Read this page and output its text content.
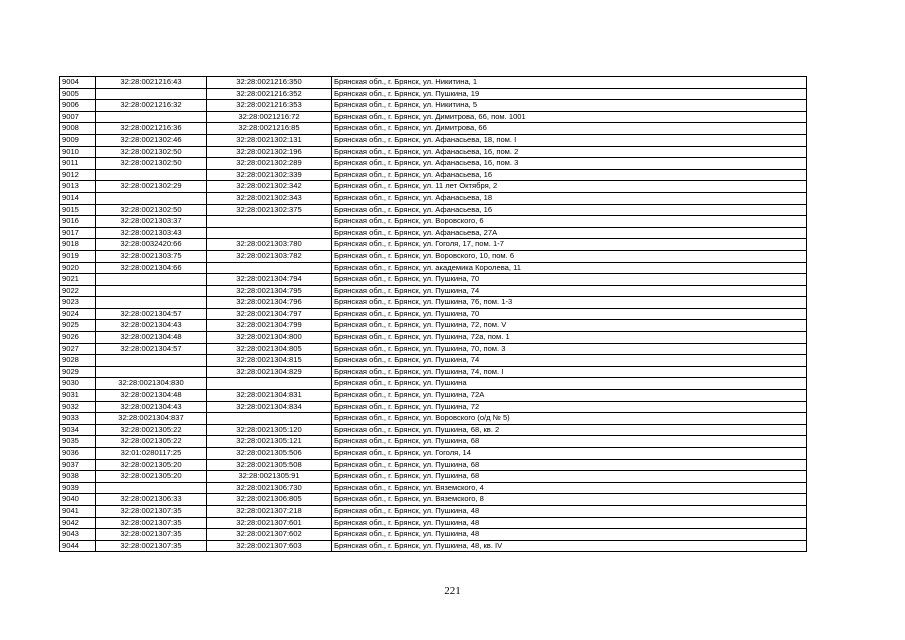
9004	32:28:0021216:43	32:28:0021216:350	Брянская обл., г. Брянск, ул. Никитина, 1
9005		32:28:0021216:352	Брянская обл., г. Брянск, ул. Пушкина, 19
9006	32:28:0021216:32	32:28:0021216:353	Брянская обл., г. Брянск, ул. Никитина, 5
9007		32:28:0021216:72	Брянская обл., г. Брянск, ул. Димитрова, 66, пом. 1001
9008	32:28:0021216:36	32:28:0021216:85	Брянская обл., г. Брянск, ул. Димитрова, 66
9009	32:28:0021302:46	32:28:0021302:131	Брянская обл., г. Брянск, ул. Афанасьева, 18, пом. I
9010	32:28:0021302:50	32:28:0021302:196	Брянская обл., г. Брянск, ул. Афанасьева, 16, пом. 2
9011	32:28:0021302:50	32:28:0021302:289	Брянская обл., г. Брянск, ул. Афанасьева, 16, пом. 3
9012		32:28:0021302:339	Брянская обл., г. Брянск, ул. Афанасьева, 16
9013	32:28:0021302:29	32:28:0021302:342	Брянская обл., г. Брянск, ул. 11 лет Октября, 2
9014		32:28:0021302:343	Брянская обл., г. Брянск, ул. Афанасьева, 18
9015	32:28:0021302:50	32:28:0021302:375	Брянская обл., г. Брянск, ул. Афанасьева, 16
9016	32:28:0021303:37		Брянская обл., г. Брянск, ул. Воровского, 6
9017	32:28:0021303:43		Брянская обл., г. Брянск, ул. Афанасьева, 27А
9018	32:28:0032420:66	32:28:0021303:780	Брянская обл., г. Брянск, ул. Гоголя, 17, пом. 1-7
9019	32:28:0021303:75	32:28:0021303:782	Брянская обл., г. Брянск, ул. Воровского, 10, пом. 6
9020	32:28:0021304:66		Брянская обл., г. Брянск, ул. академика Королева, 11
9021		32:28:0021304:794	Брянская обл., г. Брянск, ул. Пушкина, 70
9022		32:28:0021304:795	Брянская обл., г. Брянск, ул. Пушкина, 74
9023		32:28:0021304:796	Брянская обл., г. Брянск, ул. Пушкина, 76, пом. 1-3
9024	32:28:0021304:57	32:28:0021304:797	Брянская обл., г. Брянск, ул. Пушкина, 70
9025	32:28:0021304:43	32:28:0021304:799	Брянская обл., г. Брянск, ул. Пушкина, 72, пом. V
9026	32:28:0021304:48	32:28:0021304:800	Брянская обл., г. Брянск, ул. Пушкина, 72а, пом. 1
9027	32:28:0021304:57	32:28:0021304:805	Брянская обл., г. Брянск, ул. Пушкина, 70, пом. 3
9028		32:28:0021304:815	Брянская обл., г. Брянск, ул. Пушкина, 74
9029		32:28:0021304:829	Брянская обл., г. Брянск, ул. Пушкина, 74, пом. I
9030	32:28:0021304:830		Брянская обл., г. Брянск, ул. Пушкина
9031	32:28:0021304:48	32:28:0021304:831	Брянская обл., г. Брянск, ул. Пушкина, 72А
9032	32:28:0021304:43	32:28:0021304:834	Брянская обл., г. Брянск, ул. Пушкина, 72
9033	32:28:0021304:837		Брянская обл., г. Брянск, ул. Воровского (о/д № 5)
9034	32:28:0021305:22	32:28:0021305:120	Брянская обл., г. Брянск, ул. Пушкина, 68, кв. 2
9035	32:28:0021305:22	32:28:0021305:121	Брянская обл., г. Брянск, ул. Пушкина, 68
9036	32:01:0280117:25	32:28:0021305:506	Брянская обл., г. Брянск, ул. Гоголя, 14
9037	32:28:0021305:20	32:28:0021305:508	Брянская обл., г. Брянск, ул. Пушкина, 68
9038	32:28:0021305:20	32:28:0021305:91	Брянская обл., г. Брянск, ул. Пушкина, 68
9039		32:28:0021306:730	Брянская обл., г. Брянск, ул. Вяземского, 4
9040	32:28:0021306:33	32:28:0021306:805	Брянская обл., г. Брянск, ул. Вяземского, 8
9041	32:28:0021307:35	32:28:0021307:218	Брянская обл., г. Брянск, ул. Пушкина, 48
9042	32:28:0021307:35	32:28:0021307:601	Брянская обл., г. Брянск, ул. Пушкина, 48
9043	32:28:0021307:35	32:28:0021307:602	Брянская обл., г. Брянск, ул. Пушкина, 48
9044	32:28:0021307:35	32:28:0021307:603	Брянская обл., г. Брянск, ул. Пушкина, 48, кв. IV
221
